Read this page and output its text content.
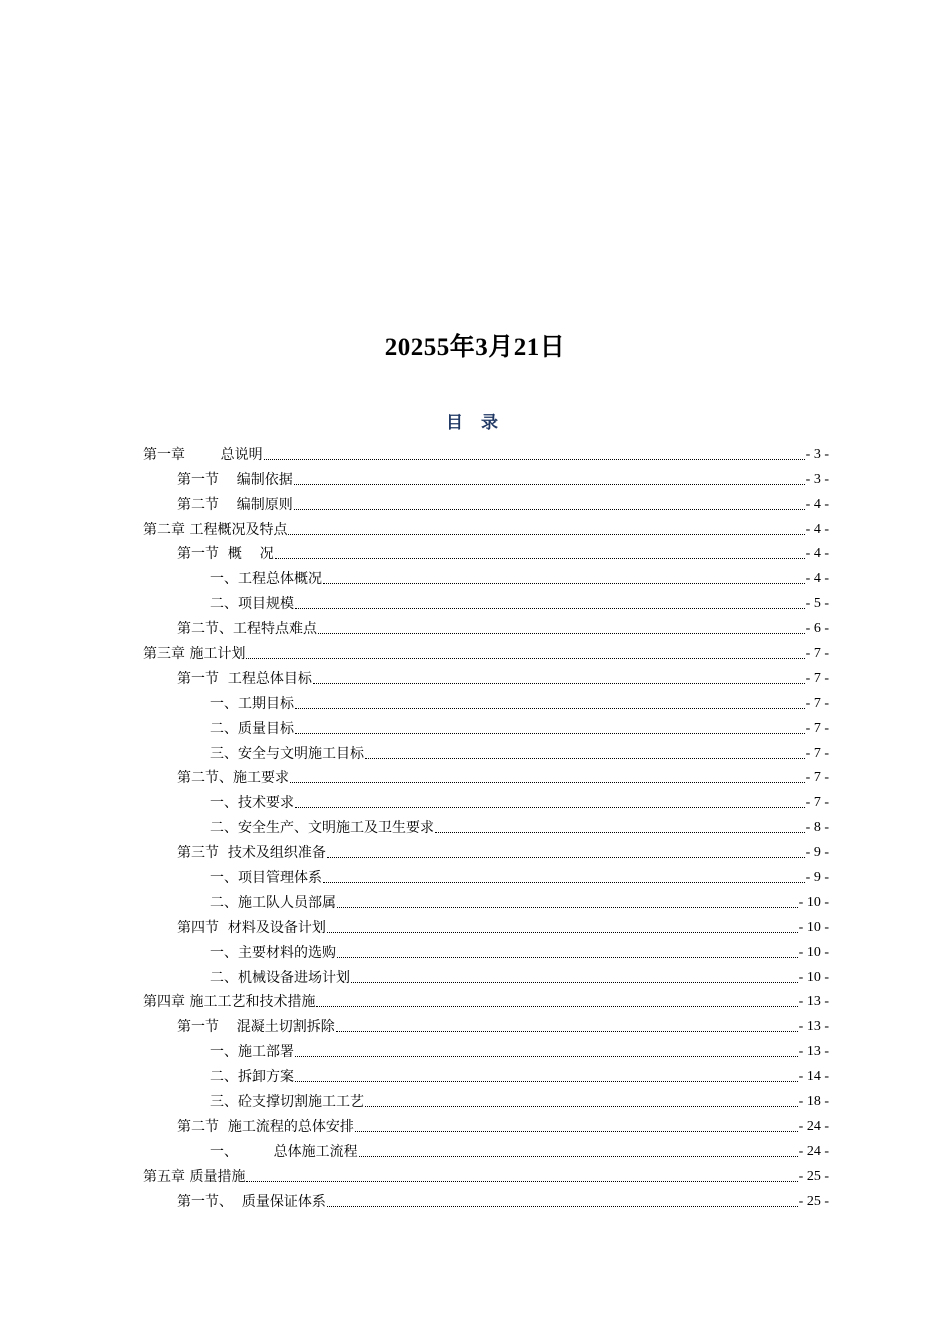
20255年3月21日
目 录
第一章        总说明	- 3 -
第一节    编制依据	- 3 -
第二节    编制原则	- 4 -
第二章 工程概况及特点	- 4 -
第一节  概    况	- 4 -
一、工程总体概况	- 4 -
二、项目规模	- 5 -
第二节、工程特点难点	- 6 -
第三章 施工计划	- 7 -
第一节  工程总体目标	- 7 -
一、工期目标	- 7 -
二、质量目标	- 7 -
三、安全与文明施工目标	- 7 -
第二节、施工要求	- 7 -
一、技术要求	- 7 -
二、安全生产、文明施工及卫生要求	- 8 -
第三节  技术及组织准备	- 9 -
一、项目管理体系	- 9 -
二、施工队人员部属	- 10 -
第四节  材料及设备计划	- 10 -
一、主要材料的选购	- 10 -
二、机械设备进场计划	- 10 -
第四章 施工工艺和技术措施	- 13 -
第一节    混凝土切割拆除	- 13 -
一、施工部署	- 13 -
二、拆卸方案	- 14 -
三、砼支撑切割施工工艺	- 18 -
第二节  施工流程的总体安排	- 24 -
一、        总体施工流程	- 24 -
第五章 质量措施	- 25 -
第一节、  质量保证体系	- 25 -
